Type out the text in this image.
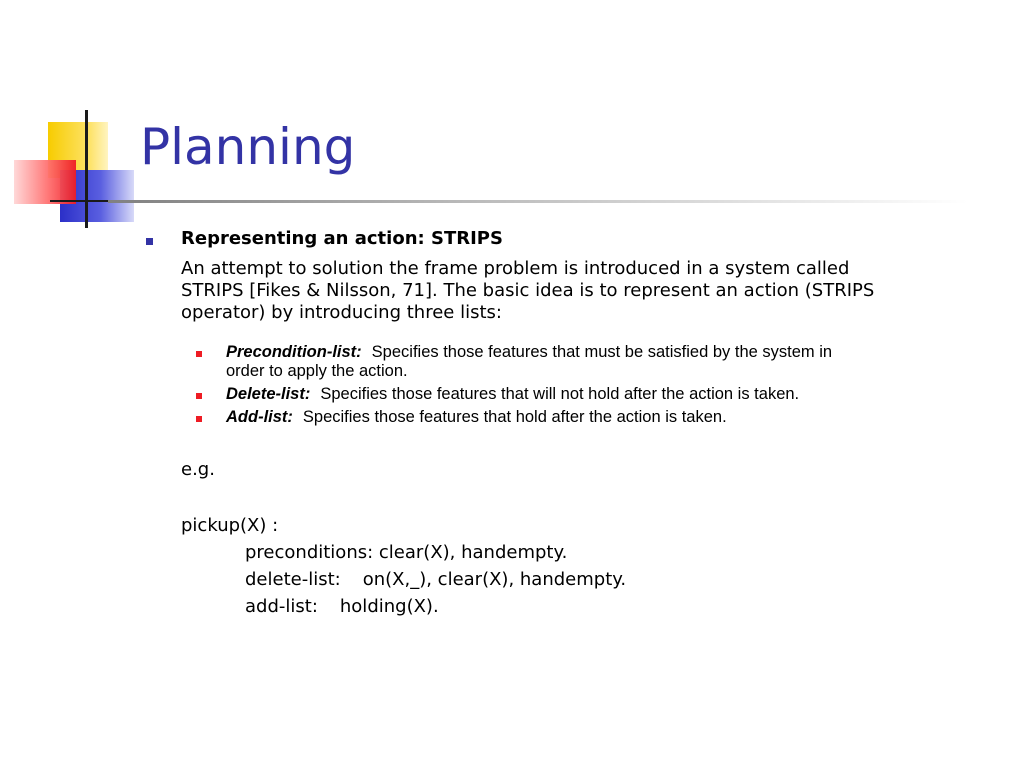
Planning
Representing an action: STRIPS
An attempt to solution the frame problem is introduced in a system called
STRIPS [Fikes & Nilsson, 71]. The basic idea is to represent an action (STRIPS
operator) by introducing three lists:
Precondition-list: Specifies those features that must be satisfied by the system in
order to apply the action.
Delete-list: Specifies those features that will not hold after the action is taken.
Add-list: Specifies those features that hold after the action is taken.
e.g.
pickup(X) :
preconditions: clear(X), handempty.
delete-list: on(X,_), clear(X), handempty.
add-list: holding(X).
